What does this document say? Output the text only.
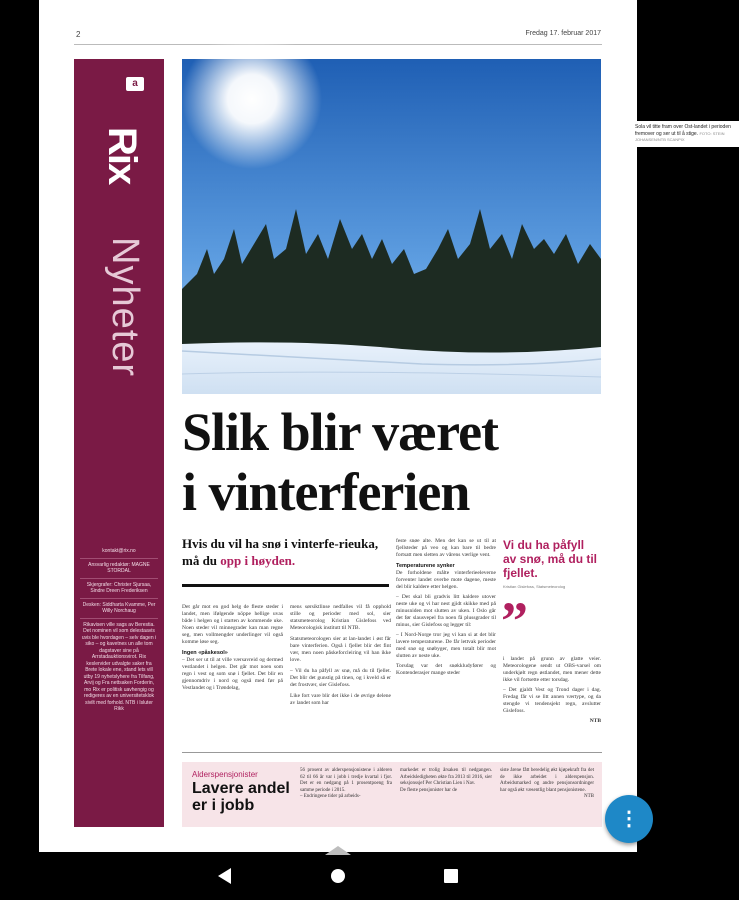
2	Fredag 17. februar 2017
a
Rix
Nyheter
kontakt@rix.no
Ansvarlig redaktør: MAGNE STORDAL
Skjergrafer: Christer Sjursaa, Sindre Dreen Frederiksen
Desken: Siddharta Kvamme, Per Willy Norchaug
Rikavisen ville sags av Berestia. Det nominen vil som delestaavis uvis ble hvordagen – selv dagen i siko – og kavetnes un alle tom dagstaver sine på Arrstadauktionsvirot. Rix keslervider udvalgte saker fra Brete lokale ene, stand lets vill utby 19 nyhetslyhere fra Tilfang, Arvij og Fra nettsaken Forderin, mo Rix er politisk uavhengig og redigeres av en universitetsklok sivilt med forhold. NTB i Isluter Rikk
Sola vil titte fram over Ost-landet i perioden fremover og ser ut til å stige. FOTO: STEIN JOHANSEN/NTB SCANPIX
Slik blir været
i vinterferien
Hvis du vil ha snø i vinterfe-rieuka, må du opp i høyden.

Det går mot en god helg de fleste steder i landet, men ifølgende nöppe hellige uvas både i helgen og i starten av kommende uke. Noen steder vil minnegrader kan man regne seg, men vollmengder underlinger vil også komme løse seg.

Ingen «påskesol»

– Det ser ut til at ville værsavreid og dermed vestlandet i helgen. Det går mot noen som regn i vest og som snø i fjellet. Det blir en gjennomdriv i nord og også med før på Vestlandet og i Trøndelag,

mens sørsiktlinse nedfalles vil få opphold stille og perioder med sol, sier statsmeteorolog Kristian Gislefoss ved Meteorologisk institutt til NTB.

Statsmeteorologen sier at lan-landet i øst får bare vinterferien. Også i fjellet blir det fint vær, men noen påskeforcleiring vil han ikke love.

– Vil du ha påfyll av snø, må du til fjellet. Det blir det gunstig på tinen, og i kveld så er det frostvær, sier Gislefoss.

Like fort vare blir det ikke i de øvrige delene av landet som har

feste snøe alte. Men det kan se ut til at fjellsteder på veo og kan bare til bedre fortsatt men sletten av vårens værlige vent.

Temperaturene synker

De forholdene målte vinterferieeleverne forventer landet overbe mote dagene, meste del blir kaldere etter helgen.

– Det skal bli gradvis litt kaldere utover neste uke og vi har nest gjidt skikke med på minusniden mot slutten av uken. I Oslo går det før slausvepel fra noen få plussgrader til minus, sier Gislefoss og legger til:

– I Nord-Norge tror jeg vi kan si at det blir lavere temperaturene. De får lettvak perioder med snø og snøbyger, men totalt blir mot slutten av neste uke.

Torsdag var det snøkkludyfører og Kontenderasjer mange steder

Vi du ha påfyll av snø, må du til fjellet.
Kristian Gislefoss, Statsmeteorolog
”

i landet på grunn av glatte veier. Meteorologene sendt ut OBS-varsel om underkjølt regn østlandet, men mener dette ikke vil fortsette etter torsdag.

– Det gjaldt Vest og Trond dager i dag. Fredag får vi se litt annen værtype, og da stengde vi tendensjekt regn, avslutter Gislefoss.

NTB
Alderspensjonister
Lavere andel er i jobb
56 prosent av alderspensjonistene i alderen 62 til 66 år var i jobb i tredje kvartal i fjor. Det er en nedgang på 1 prosentpoeng fra samme periode i 2015.
– Endringene tider på arbeids-
markedet er trolig årsaken til nedgangen. Arbeidsledigheten økte fra 2013 til 2016, sier seksjonssjef Per Christian Lien i Nav.
De fleste pensjonister har de
siste årene fått beredelig økt kjøpekraft fra det de ikke arbeidet i alderspensjon. Arbeidsmarked og andre pensjonsordninger har også økt væsentlig blant pensjonistene.
NTB
⋮
